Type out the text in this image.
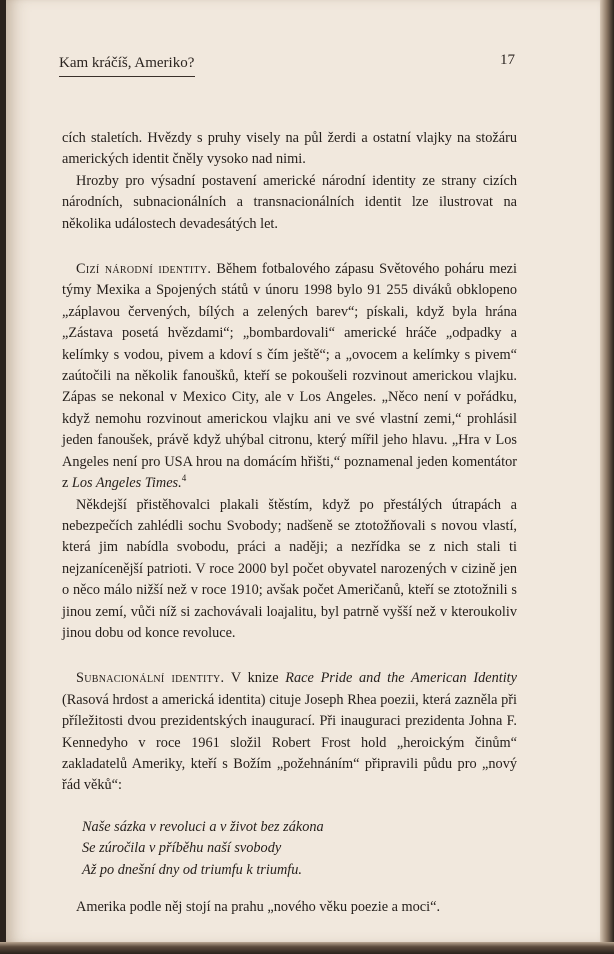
Kam kráčíš, Ameriko?	17

cích staletích. Hvězdy s pruhy visely na půl žerdi a ostatní vlajky na stožáru amerických identit čněly vysoko nad nimi.

Hrozby pro výsadní postavení americké národní identity ze strany cizích národních, subnacionálních a transnacionálních identit lze ilustrovat na několika událostech devadesátých let.

Cizí národní identity. Během fotbalového zápasu Světového poháru mezi týmy Mexika a Spojených států v únoru 1998 bylo 91 255 diváků obklopeno „záplavou červených, bílých a zelených barev“; pískali, když byla hrána „Zástava posetá hvězdami“; „bombardovali“ americké hráče „odpadky a kelímky s vodou, pivem a kdoví s čím ještě“; a „ovocem a kelímky s pivem“ zaútočili na několik fanoušků, kteří se pokoušeli rozvinout americkou vlajku. Zápas se nekonal v Mexico City, ale v Los Angeles. „Něco není v pořádku, když nemohu rozvinout americkou vlajku ani ve své vlastní zemi,“ prohlásil jeden fanoušek, právě když uhýbal citronu, který mířil jeho hlavu. „Hra v Los Angeles není pro USA hrou na domácím hřišti,“ poznamenal jeden komentátor z Los Angeles Times.$^4$

Někdejší přistěhovalci plakali štěstím, když po přestálých útrapách a nebezpečích zahlédli sochu Svobody; nadšeně se ztotožňovali s novou vlastí, která jim nabídla svobodu, práci a naději; a nezřídka se z nich stali ti nejzanícenější patrioti. V roce 2000 byl počet obyvatel narozených v cizině jen o něco málo nižší než v roce 1910; avšak počet Američanů, kteří se ztotožnili s jinou zemí, vůči níž si zachovávali loajalitu, byl patrně vyšší než v kteroukoliv jinou dobu od konce revoluce.

Subnacionální identity. V knize Race Pride and the American Identity (Rasová hrdost a americká identita) cituje Joseph Rhea poezii, která zazněla při příležitosti dvou prezidentských inaugurací. Při inauguraci prezidenta Johna F. Kennedyho v roce 1961 složil Robert Frost hold „heroickým činům“ zakladatelů Ameriky, kteří s Božím „požehnáním“ připravili půdu pro „nový řád věků“:

Naše sázka v revoluci a v život bez zákona
Se zúročila v příběhu naší svobody
Až po dnešní dny od triumfu k triumfu.

Amerika podle něj stojí na prahu „nového věku poezie a moci“.
